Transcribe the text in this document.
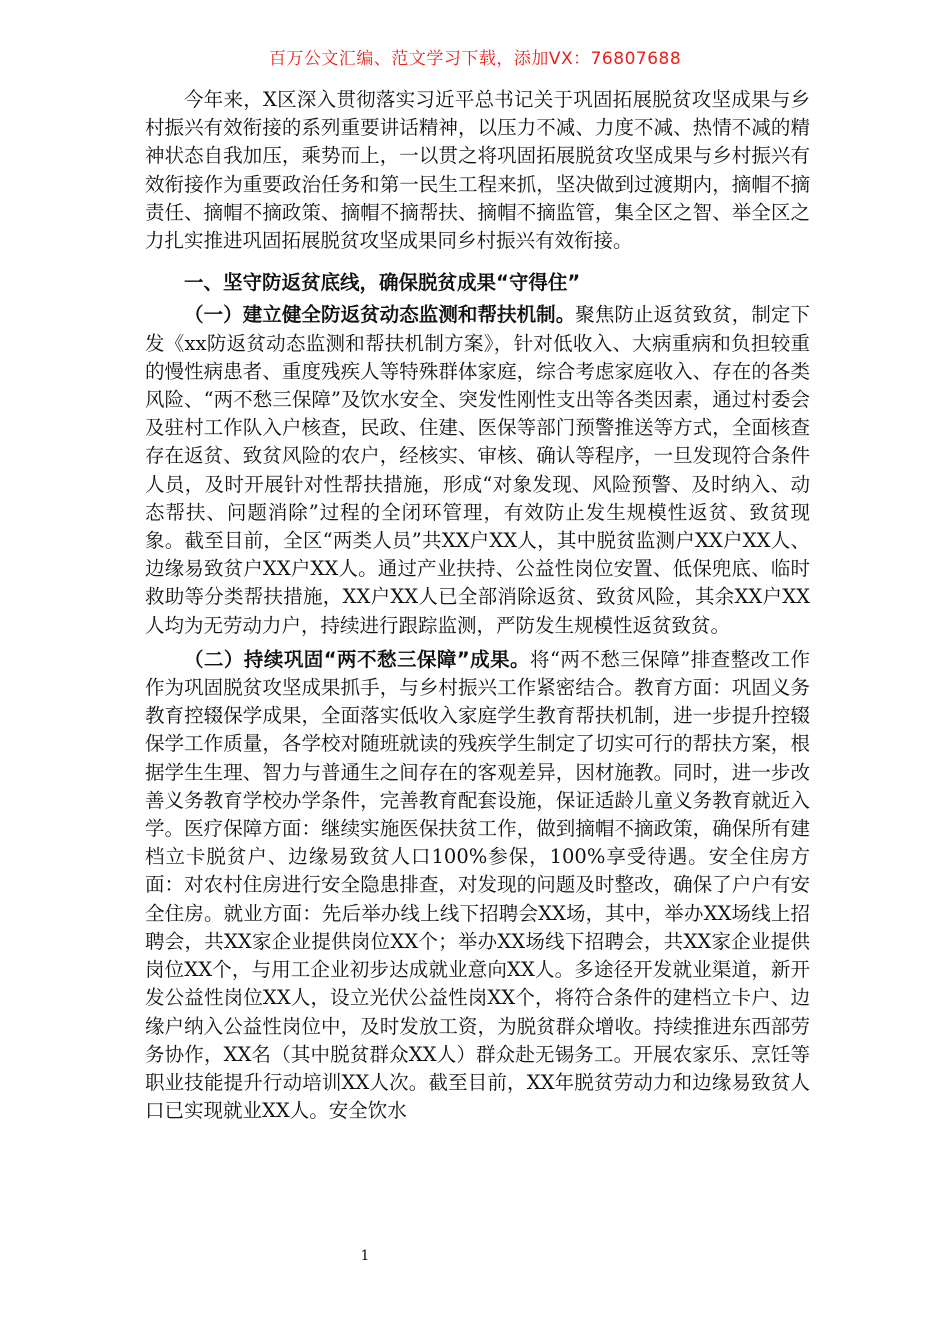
百万公文汇编、范文学习下载，添加VX：76807688

今年来，X区深入贯彻落实习近平总书记关于巩固拓展脱贫攻坚成果与乡村振兴有效衔接的系列重要讲话精神，以压力不减、力度不减、热情不减的精神状态自我加压，乘势而上，一以贯之将巩固拓展脱贫攻坚成果与乡村振兴有效衔接作为重要政治任务和第一民生工程来抓，坚决做到过渡期内，摘帽不摘责任、摘帽不摘政策、摘帽不摘帮扶、摘帽不摘监管，集全区之智、举全区之力扎实推进巩固拓展脱贫攻坚成果同乡村振兴有效衔接。

一、坚守防返贫底线，确保脱贫成果“守得住”

（一）建立健全防返贫动态监测和帮扶机制。聚焦防止返贫致贫，制定下发《xx防返贫动态监测和帮扶机制方案》，针对低收入、大病重病和负担较重的慢性病患者、重度残疾人等特殊群体家庭，综合考虑家庭收入、存在的各类风险、“两不愁三保障”及饮水安全、突发性刚性支出等各类因素，通过村委会及驻村工作队入户核查，民政、住建、医保等部门预警推送等方式，全面核查存在返贫、致贫风险的农户，经核实、审核、确认等程序，一旦发现符合条件人员，及时开展针对性帮扶措施，形成“对象发现、风险预警、及时纳入、动态帮扶、问题消除”过程的全闭环管理，有效防止发生规模性返贫、致贫现象。截至目前，全区“两类人员”共XX户XX人，其中脱贫监测户XX户XX人、边缘易致贫户XX户XX人。通过产业扶持、公益性岗位安置、低保兜底、临时救助等分类帮扶措施，XX户XX人已全部消除返贫、致贫风险，其余XX户XX人均为无劳动力户，持续进行跟踪监测，严防发生规模性返贫致贫。

（二）持续巩固“两不愁三保障”成果。将“两不愁三保障”排查整改工作作为巩固脱贫攻坚成果抓手，与乡村振兴工作紧密结合。教育方面：巩固义务教育控辍保学成果，全面落实低收入家庭学生教育帮扶机制，进一步提升控辍保学工作质量，各学校对随班就读的残疾学生制定了切实可行的帮扶方案，根据学生生理、智力与普通生之间存在的客观差异，因材施教。同时，进一步改善义务教育学校办学条件，完善教育配套设施，保证适龄儿童义务教育就近入学。医疗保障方面：继续实施医保扶贫工作，做到摘帽不摘政策，确保所有建档立卡脱贫户、边缘易致贫人口100%参保，100%享受待遇。安全住房方面：对农村住房进行安全隐患排查，对发现的问题及时整改，确保了户户有安全住房。就业方面：先后举办线上线下招聘会XX场，其中，举办XX场线上招聘会，共XX家企业提供岗位XX个；举办XX场线下招聘会，共XX家企业提供岗位XX个，与用工企业初步达成就业意向XX人。多途径开发就业渠道，新开发公益性岗位XX人，设立光伏公益性岗XX个，将符合条件的建档立卡户、边缘户纳入公益性岗位中，及时发放工资，为脱贫群众增收。持续推进东西部劳务协作，XX名（其中脱贫群众XX人）群众赴无锡务工。开展农家乐、烹饪等职业技能提升行动培训XX人次。截至目前，XX年脱贫劳动力和边缘易致贫人口已实现就业XX人。安全饮水

1
